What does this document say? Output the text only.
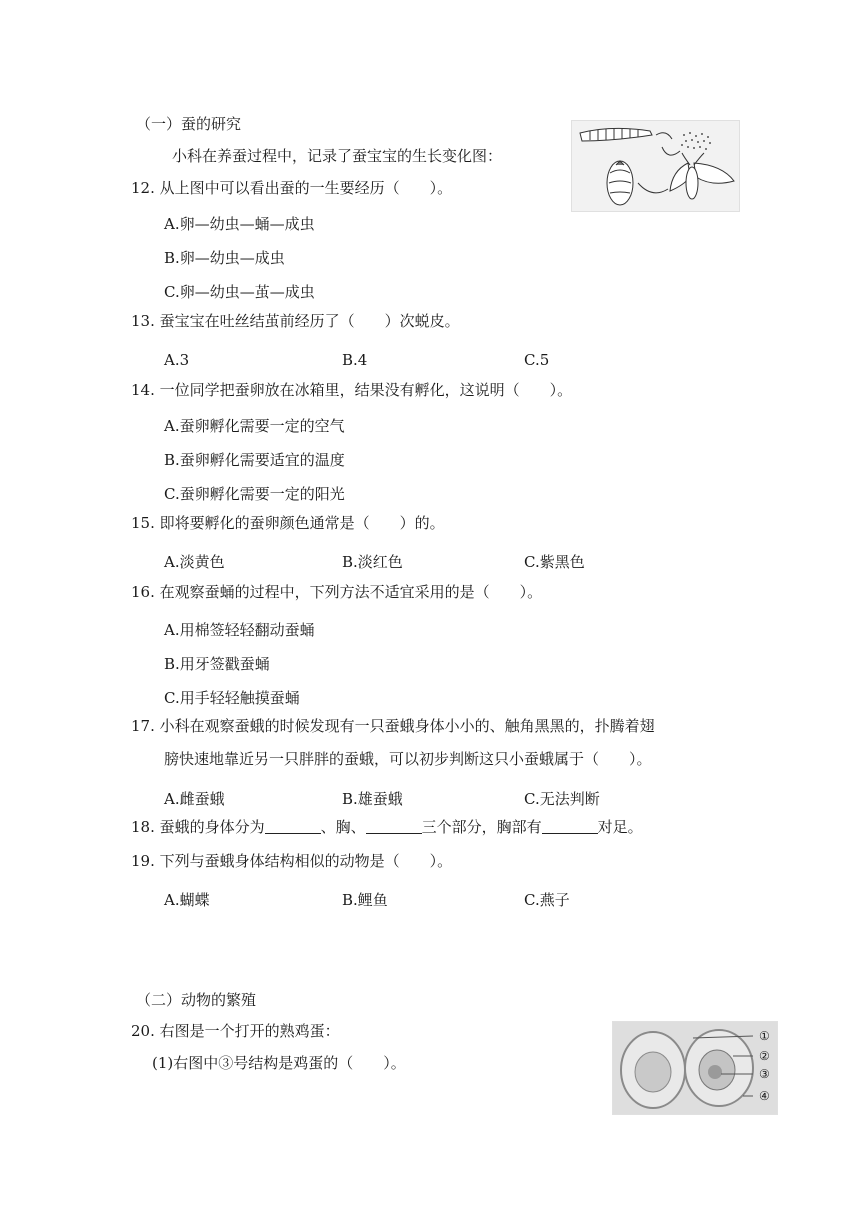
（一）蚕的研究
小科在养蚕过程中，记录了蚕宝宝的生长变化图：
12. 从上图中可以看出蚕的一生要经历（　　）。
A.卵—幼虫—蛹—成虫
B.卵—幼虫—成虫
C.卵—幼虫—茧—成虫
13. 蚕宝宝在吐丝结茧前经历了（　　）次蜕皮。
A.3	B.4	C.5
14. 一位同学把蚕卵放在冰箱里，结果没有孵化，这说明（　　）。
A.蚕卵孵化需要一定的空气
B.蚕卵孵化需要适宜的温度
C.蚕卵孵化需要一定的阳光
15. 即将要孵化的蚕卵颜色通常是（　　）的。
A.淡黄色	B.淡红色	C.紫黑色
16. 在观察蚕蛹的过程中，下列方法不适宜采用的是（　　）。
A.用棉签轻轻翻动蚕蛹
B.用牙签戳蚕蛹
C.用手轻轻触摸蚕蛹
17. 小科在观察蚕蛾的时候发现有一只蚕蛾身体小小的、触角黑黑的，扑腾着翅
膀快速地靠近另一只胖胖的蚕蛾，可以初步判断这只小蚕蛾属于（　　）。
A.雌蚕蛾	B.雄蚕蛾	C.无法判断
18. 蚕蛾的身体分为	、胸、	三个部分，胸部有	对足。
19. 下列与蚕蛾身体结构相似的动物是（　　）。
A.蝴蝶	B.鲤鱼	C.燕子
（二）动物的繁殖
20. 右图是一个打开的熟鸡蛋：
(1)右图中③号结构是鸡蛋的（　　）。
①
②
③
④
